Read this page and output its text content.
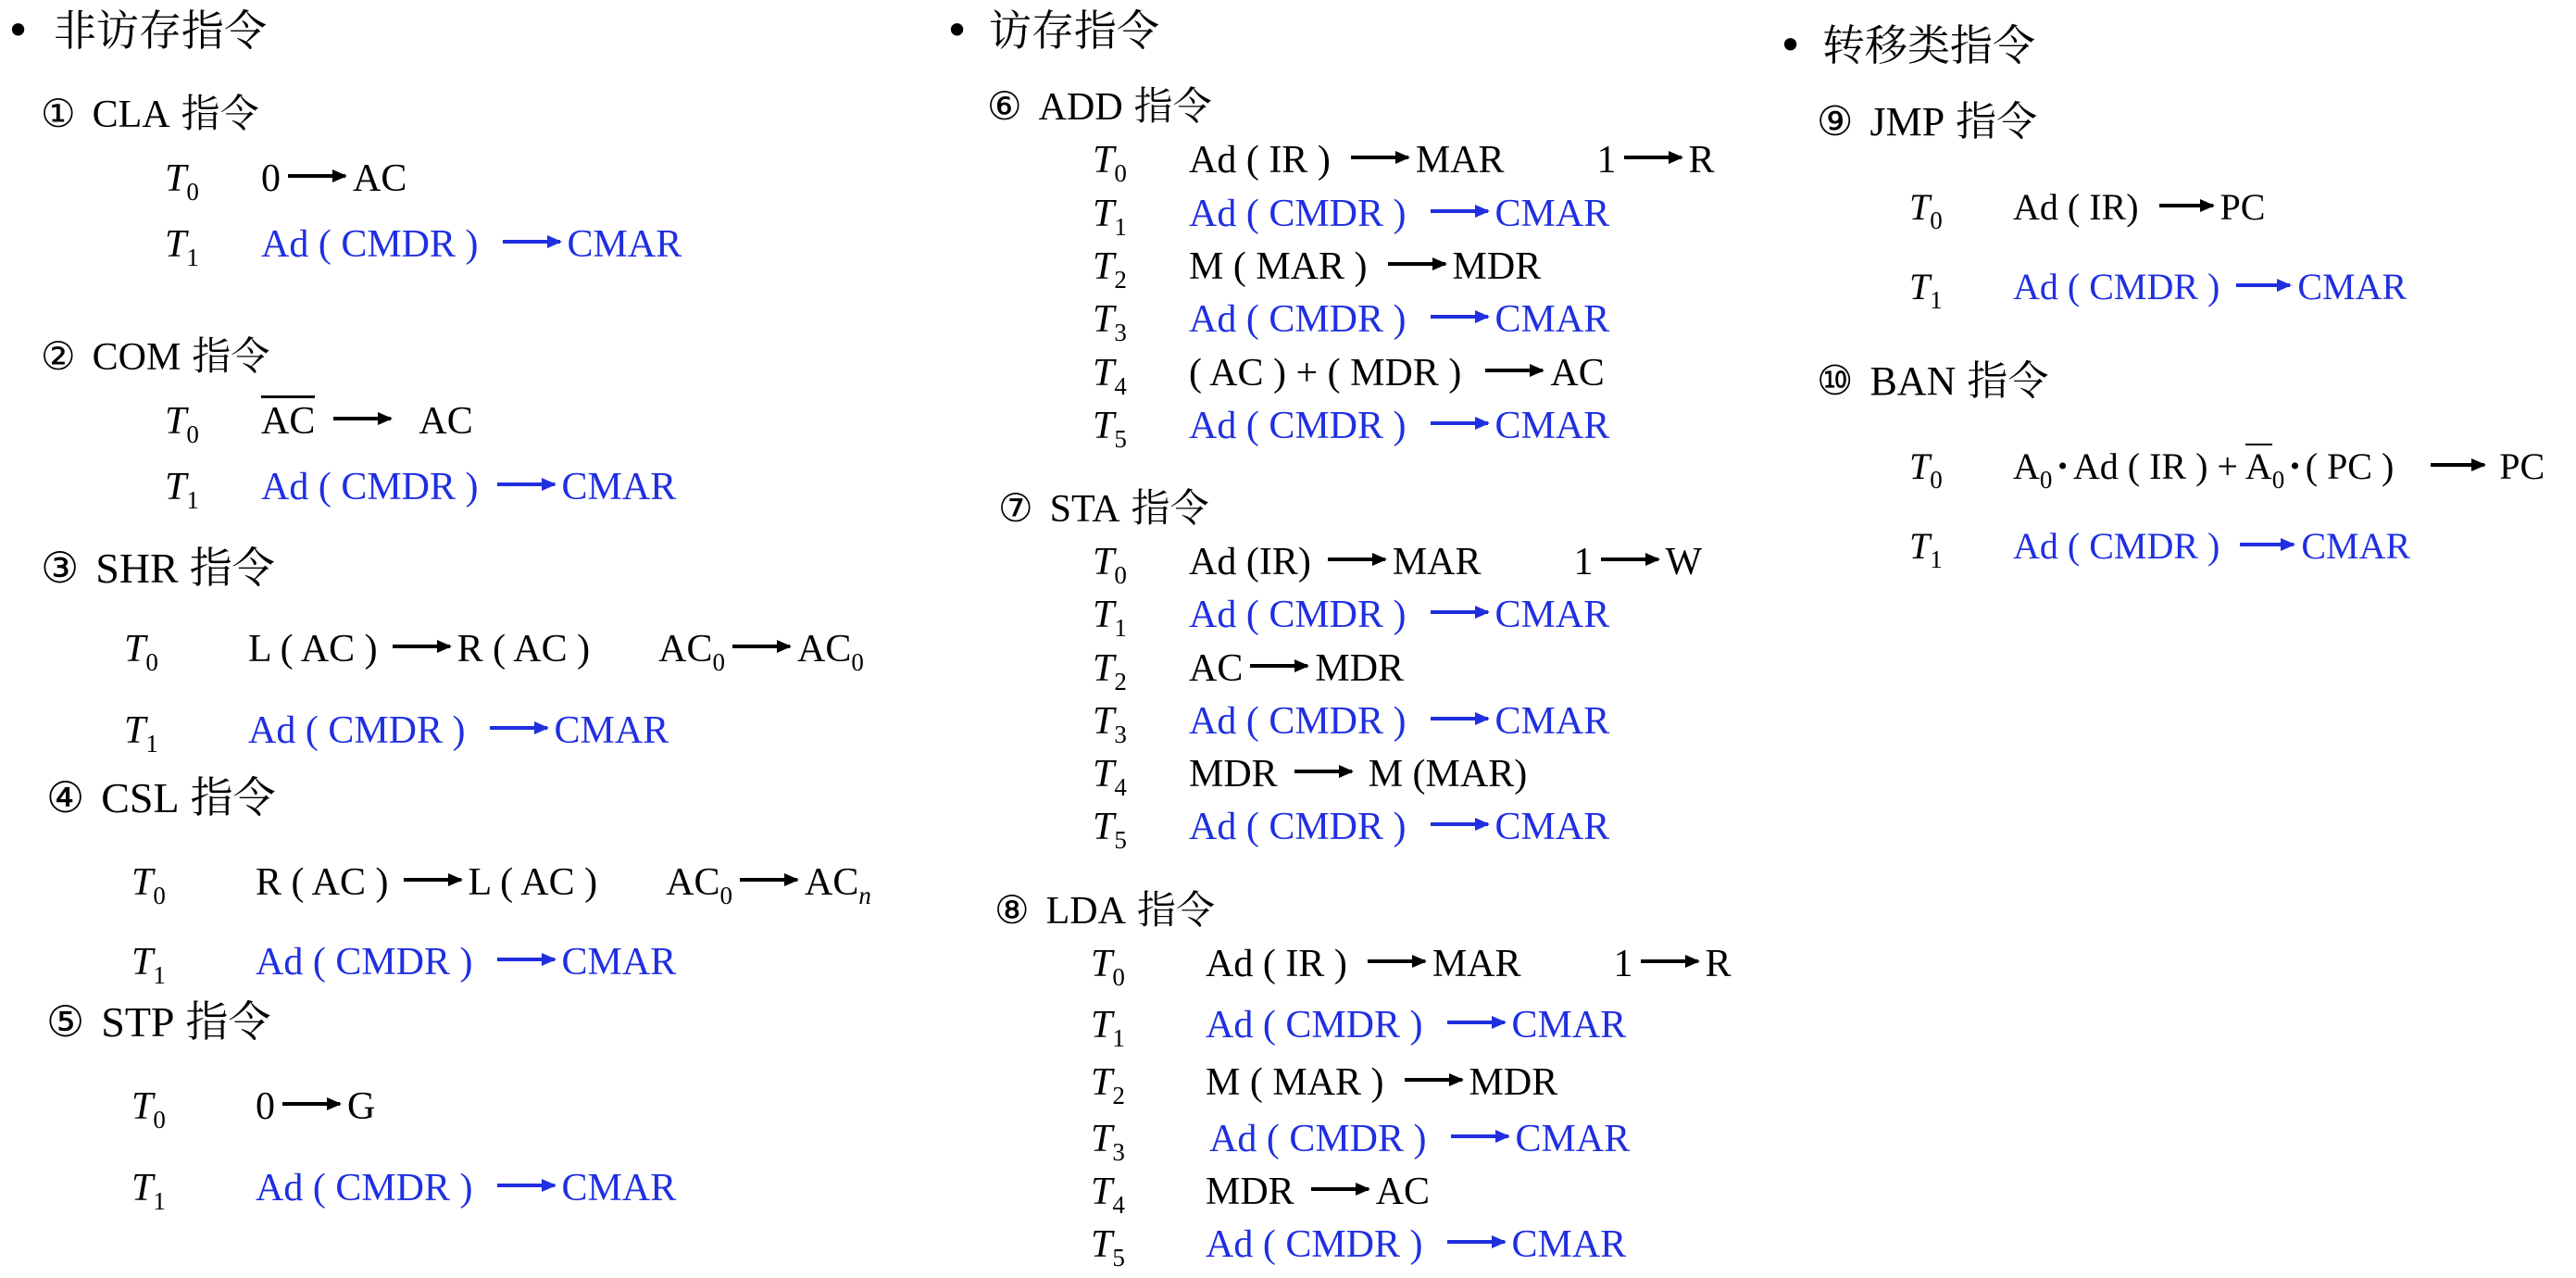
• 非访存指令
① CLA 指令
$T_0$ 0 AC
$T_1$ Ad ( CMDR ) CMAR
② COM 指令
$T_0$ AC	AC
$T_1$ Ad ( CMDR ) CMAR
③ SHR 指令
$T_0$ L ( AC ) R ( AC ) $AC_0$ $AC_0$
$T_1$ Ad ( CMDR ) CMAR
④ CSL 指令
$T_0$ R ( AC ) L ( AC ) $AC_0$ $AC_n$
$T_1$ Ad ( CMDR ) CMAR
⑤ STP 指令
$T_0$ 0 G
$T_1$ Ad ( CMDR ) CMAR
• 访存指令
⑥ ADD 指令
$T_0$ Ad ( IR ) MAR 1 R
$T_1$ Ad ( CMDR ) CMAR
$T_2$ M ( MAR ) MDR
$T_3$ Ad ( CMDR ) CMAR
$T_4$ ( AC ) + ( MDR ) AC
$T_5$ Ad ( CMDR ) CMAR
⑦ STA 指令
$T_0$ Ad (IR) MAR 1 W
$T_1$ Ad ( CMDR ) CMAR
$T_2$ AC MDR
$T_3$ Ad ( CMDR ) CMAR
$T_4$ MDR M (MAR)
$T_5$ Ad ( CMDR ) CMAR
⑧ LDA 指令
$T_0$ Ad ( IR ) MAR 1 R
$T_1$ Ad ( CMDR ) CMAR
$T_2$ M ( MAR ) MDR
$T_3$ Ad ( CMDR ) CMAR
$T_4$ MDR AC
$T_5$ Ad ( CMDR ) CMAR
• 转移类指令
⑨ JMP 指令
$T_0$ Ad ( IR) PC
$T_1$ Ad ( CMDR ) CMAR
⑩ BAN 指令
$T_0$ $A_0$ • Ad ( IR ) + $A_0$ • ( PC )	PC
$T_1$ Ad ( CMDR ) CMAR
